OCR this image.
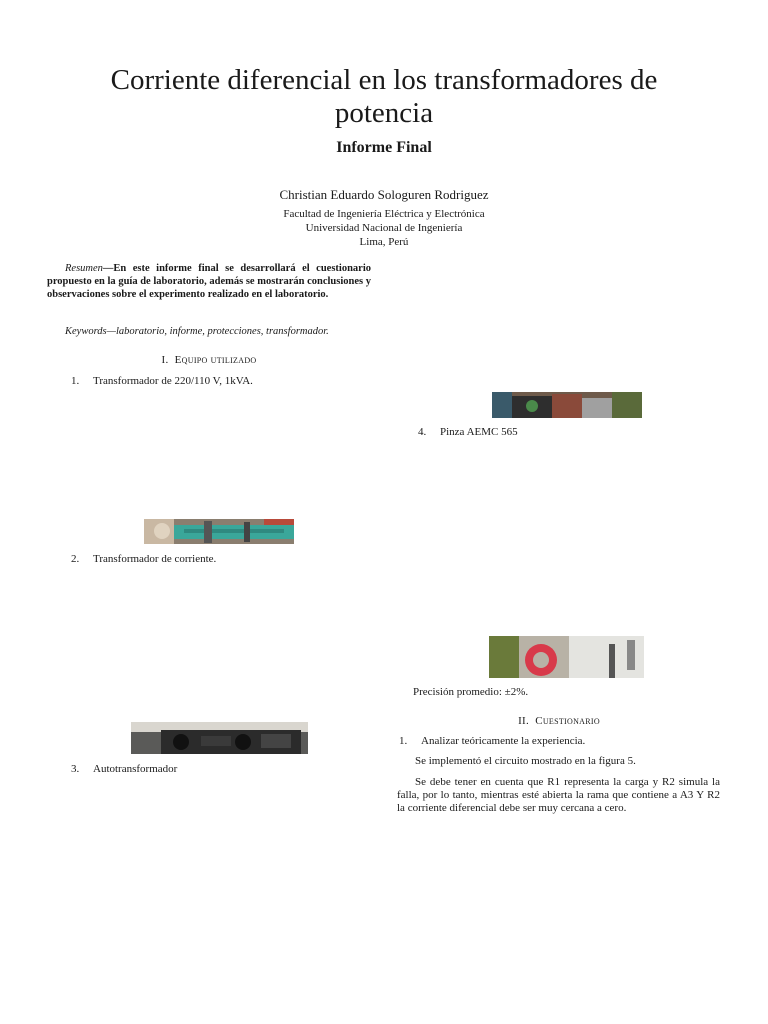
Corriente diferencial en los transformadores de potencia
Informe Final
Christian Eduardo Sologuren Rodriguez
Facultad de Ingeniería Eléctrica y Electrónica
Universidad Nacional de Ingeniería
Lima, Perú
Resumen—En este informe final se desarrollará el cuestionario propuesto en la guía de laboratorio, además se mostrarán conclusiones y observaciones sobre el experimento realizado en el laboratorio.
Keywords—laboratorio, informe, protecciones, transformador.
I. Equipo utilizado
1. Transformador de 220/110 V, 1kVA.
2. Transformador de corriente.
3. Autotransformador
4. Pinza AEMC 565
Precisión promedio: ±2%.
II. Cuestionario
1. Analizar teóricamente la experiencia.
Se implementó el circuito mostrado en la figura 5.
Se debe tener en cuenta que R1 representa la carga y R2 simula la falla, por lo tanto, mientras esté abierta la rama que contiene a A3 Y R2 la corriente diferencial debe ser muy cercana a cero.
